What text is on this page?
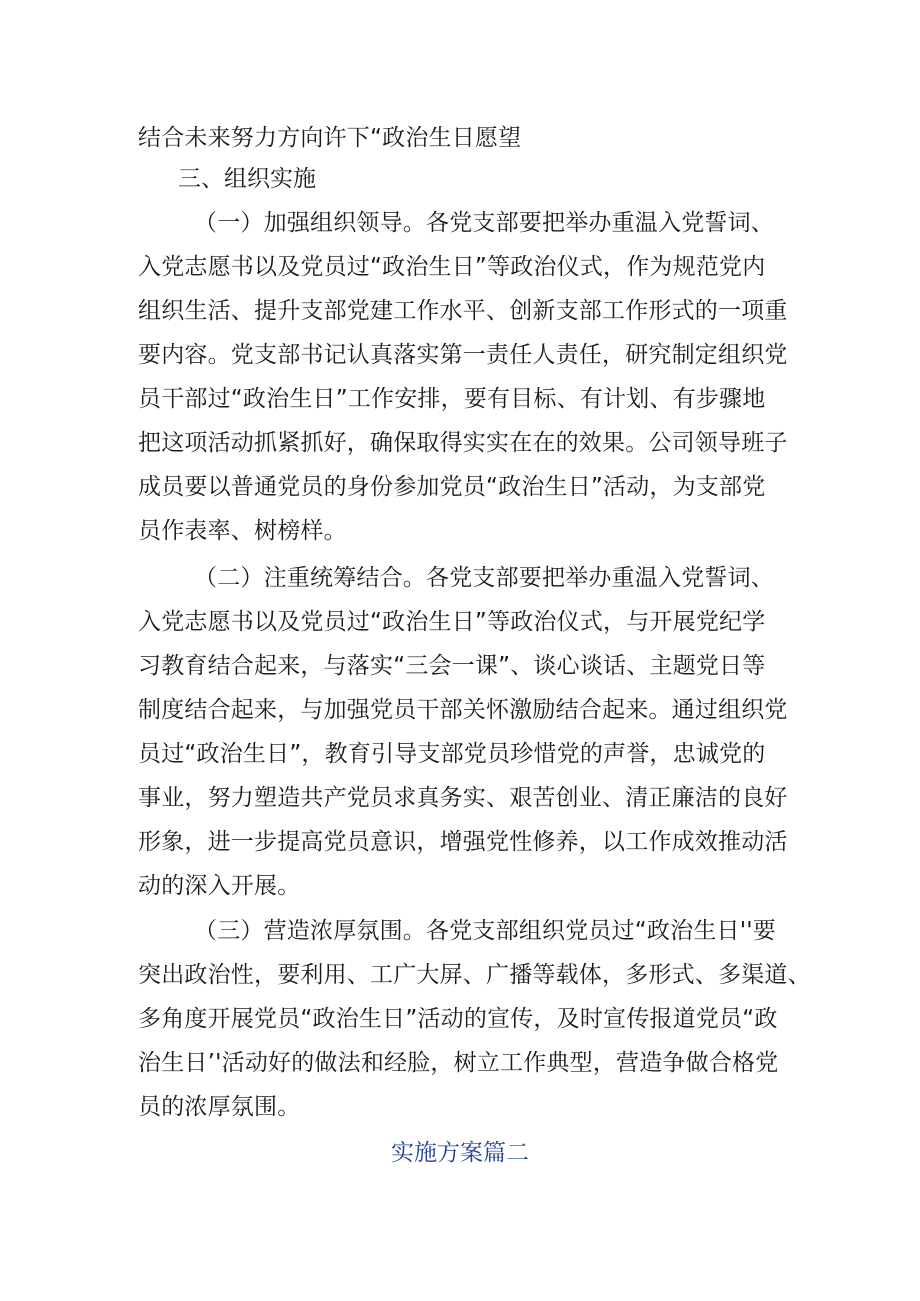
结合未来努力方向许下“政治生日愿望
三、组织实施
（一）加强组织领导。各党支部要把举办重温入党誓词、
入党志愿书以及党员过“政治生日”等政治仪式，作为规范党内
组织生活、提升支部党建工作水平、创新支部工作形式的一项重
要内容。党支部书记认真落实第一责任人责任，研究制定组织党
员干部过“政治生日”工作安排，要有目标、有计划、有步骤地
把这项活动抓紧抓好，确保取得实实在在的效果。公司领导班子
成员要以普通党员的身份参加党员“政治生日”活动，为支部党
员作表率、树榜样。
（二）注重统筹结合。各党支部要把举办重温入党誓词、
入党志愿书以及党员过“政治生日”等政治仪式，与开展党纪学
习教育结合起来，与落实“三会一课”、谈心谈话、主题党日等
制度结合起来，与加强党员干部关怀激励结合起来。通过组织党
员过“政治生日”，教育引导支部党员珍惜党的声誉，忠诚党的
事业，努力塑造共产党员求真务实、艰苦创业、清正廉洁的良好
形象，进一步提高党员意识，增强党性修养，以工作成效推动活
动的深入开展。
（三）营造浓厚氛围。各党支部组织党员过“政治生日''要
突出政治性，要利用、工广大屏、广播等载体，多形式、多渠道、
多角度开展党员“政治生日”活动的宣传，及时宣传报道党员“政
治生日’'活动好的做法和经脸，树立工作典型，营造争做合格党
员的浓厚氛围。
实施方案篇二
